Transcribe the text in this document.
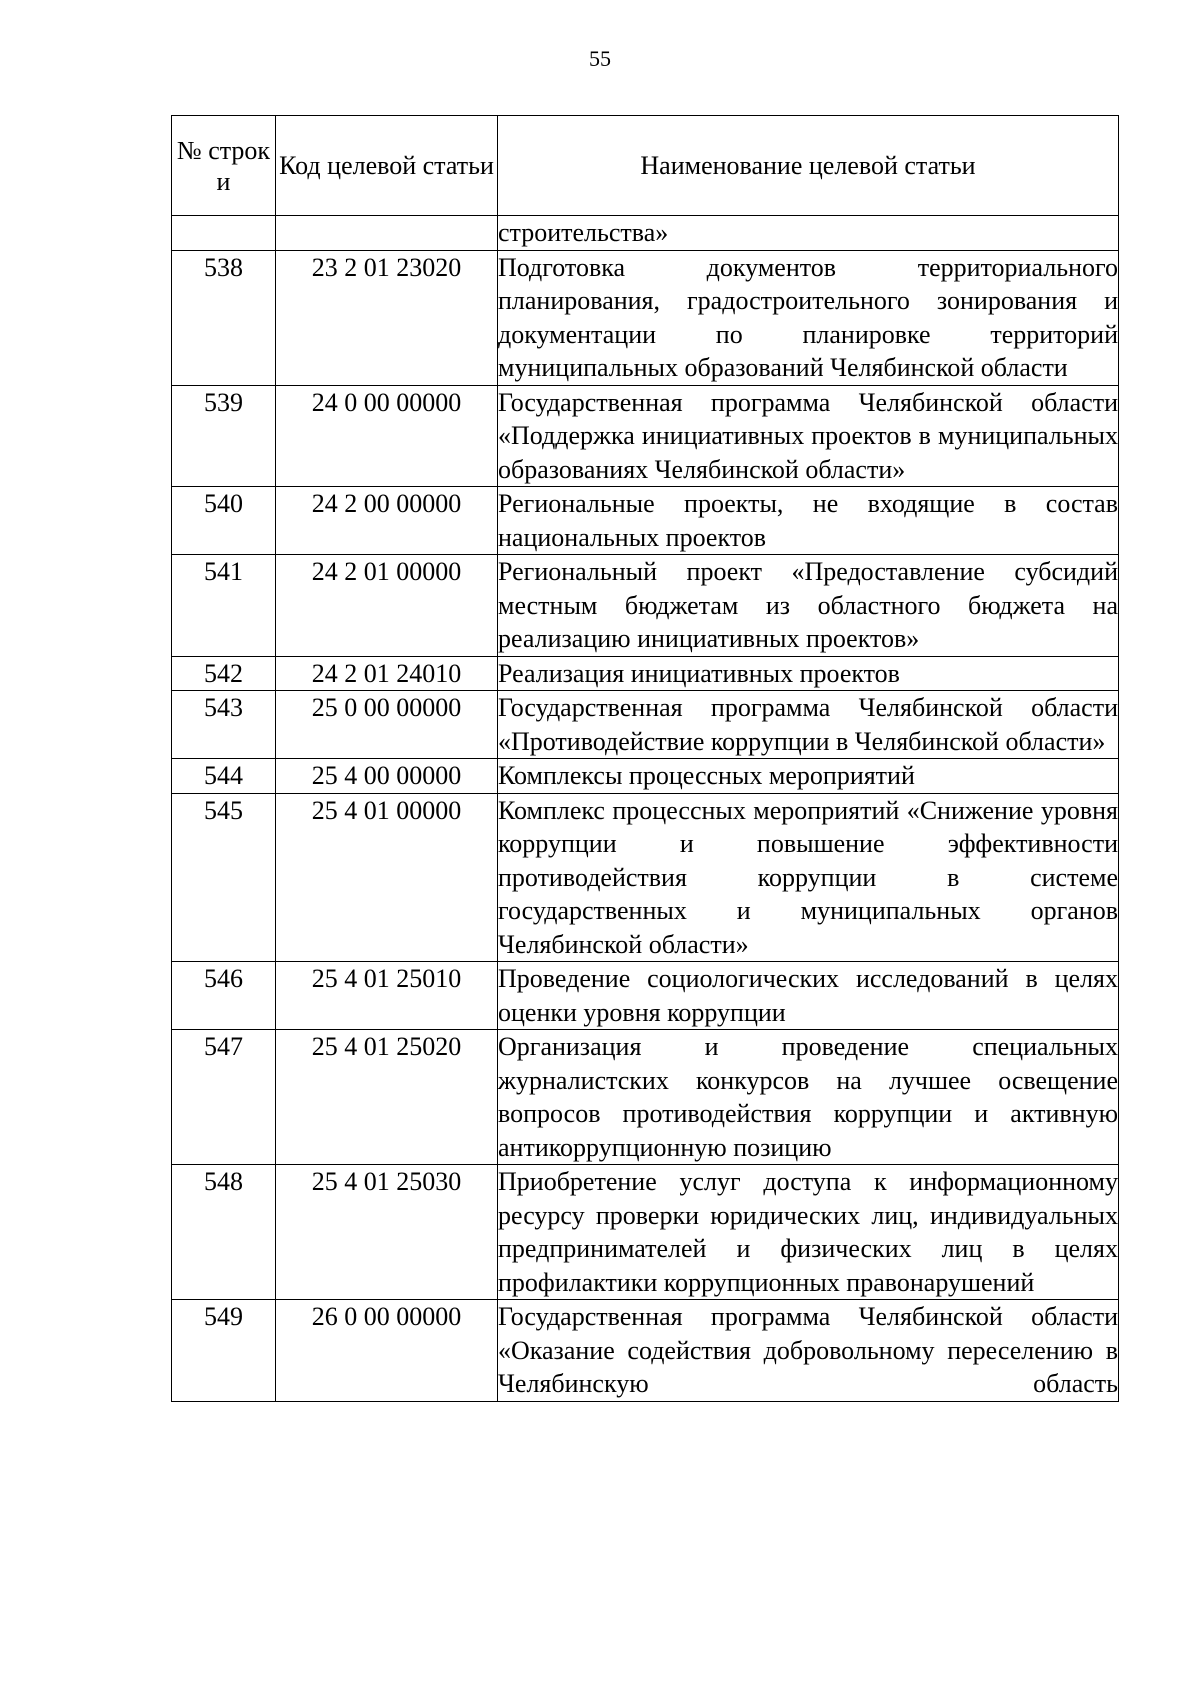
55
№ строк и	Код целевой статьи	Наименование целевой статьи
		строительства»
538	23 2 01 23020	Подготовка документов территориального планирования, градостроительного зонирования и документации по планировке территорий муниципальных образований Челябинской области
539	24 0 00 00000	Государственная программа Челябинской области «Поддержка инициативных проектов в муниципальных образованиях Челябинской области»
540	24 2 00 00000	Региональные проекты, не входящие в состав национальных проектов
541	24 2 01 00000	Региональный проект «Предоставление субсидий местным бюджетам из областного бюджета на реализацию инициативных проектов»
542	24 2 01 24010	Реализация инициативных проектов
543	25 0 00 00000	Государственная программа Челябинской области «Противодействие коррупции в Челябинской области»
544	25 4 00 00000	Комплексы процессных мероприятий
545	25 4 01 00000	Комплекс процессных мероприятий «Снижение уровня коррупции и повышение эффективности противодействия коррупции в системе государственных и муниципальных органов Челябинской области»
546	25 4 01 25010	Проведение социологических исследований в целях оценки уровня коррупции
547	25 4 01 25020	Организация и проведение специальных журналистских конкурсов на лучшее освещение вопросов противодействия коррупции и активную антикоррупционную позицию
548	25 4 01 25030	Приобретение услуг доступа к информационному ресурсу проверки юридических лиц, индивидуальных предпринимателей и физических лиц в целях профилактики коррупционных правонарушений
549	26 0 00 00000	Государственная программа Челябинской области «Оказание содействия добровольному переселению в Челябинскую область
